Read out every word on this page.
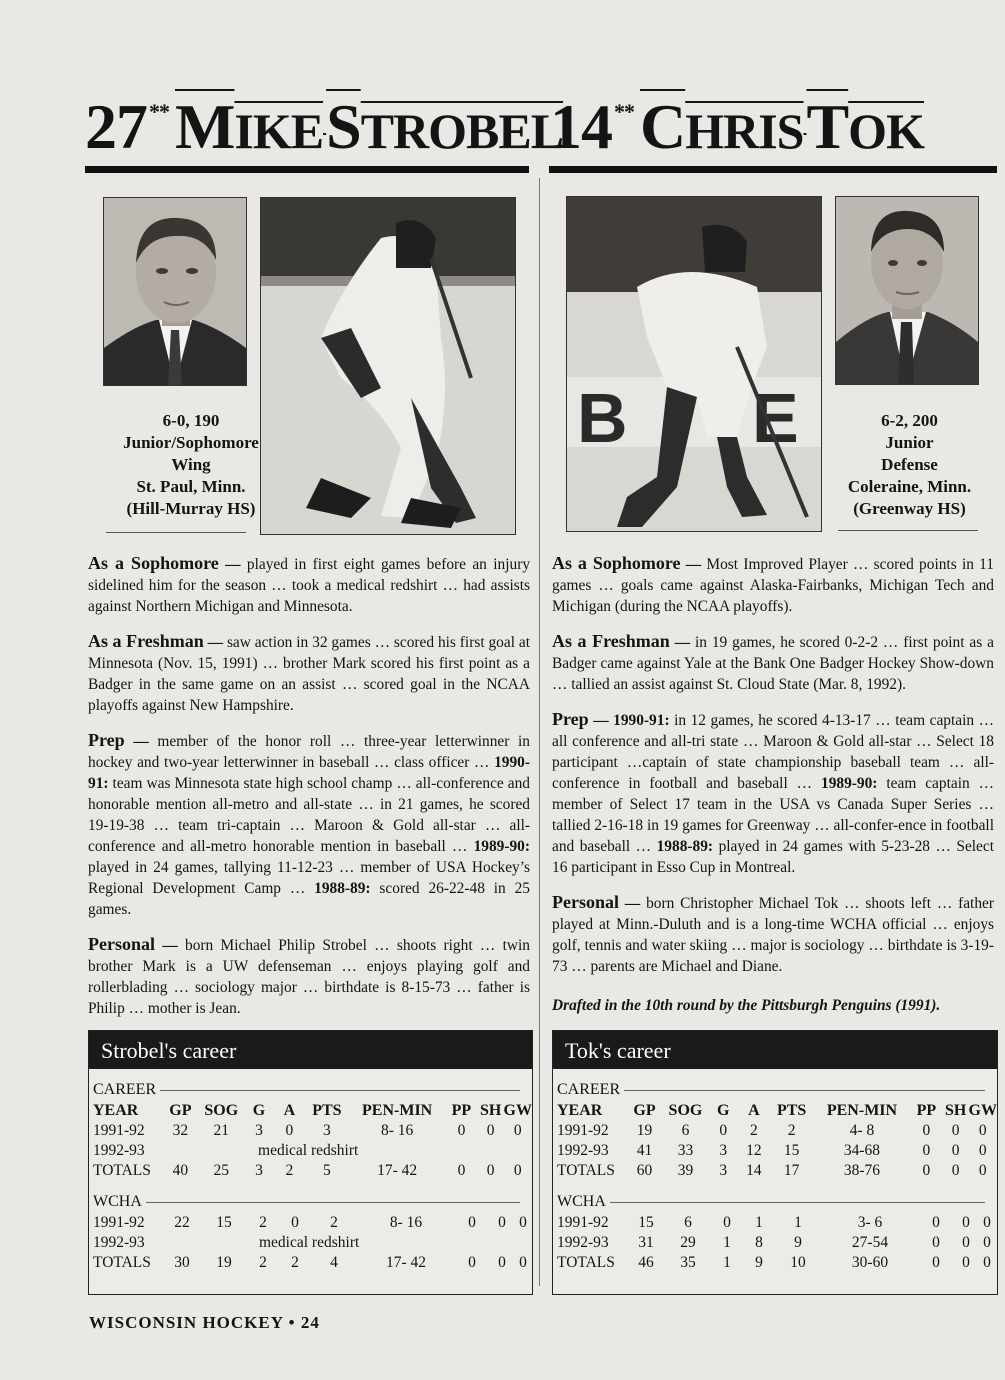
27**MIKE STROBEL
14**CHRIS TOK
6-0, 190
Junior/Sophomore
Wing
St. Paul, Minn.
(Hill-Murray HS)
B E	6-2, 200
Junior
Defense
Coleraine, Minn.
(Greenway HS)

As a Sophomore — played in first eight games before an injury sidelined him for the season … took a medical redshirt … had assists against Northern Michigan and Minnesota.

As a Freshman — saw action in 32 games … scored his first goal at Minnesota (Nov. 15, 1991) … brother Mark scored his first point as a Badger in the same game on an assist … scored goal in the NCAA playoffs against New Hampshire.

Prep — member of the honor roll … three-year letterwinner in hockey and two-year letterwinner in baseball … class officer … 1990-91: team was Minnesota state high school champ … all-conference and honorable mention all-metro and all-state … in 21 games, he scored 19-19-38 … team tri-captain … Maroon & Gold all-star … all-conference and all-metro honorable mention in baseball … 1989-90: played in 24 games, tallying 11-12-23 … member of USA Hockey’s Regional Development Camp … 1988-89: scored 26-22-48 in 25 games.

Personal — born Michael Philip Strobel … shoots right … twin brother Mark is a UW defenseman … enjoys playing golf and rollerblading … sociology major … birthdate is 8-15-73 … father is Philip … mother is Jean.

As a Sophomore — Most Improved Player … scored points in 11 games … goals came against Alaska-Fairbanks, Michigan Tech and Michigan (during the NCAA playoffs).

As a Freshman — in 19 games, he scored 0-2-2 … first point as a Badger came against Yale at the Bank One Badger Hockey Show-down … tallied an assist against St. Cloud State (Mar. 8, 1992).

Prep — 1990-91: in 12 games, he scored 4-13-17 … team captain … all conference and all-tri state … Maroon & Gold all-star … Select 18 participant …captain of state championship baseball team … all-conference in football and baseball … 1989-90: team captain … member of Select 17 team in the USA vs Canada Super Series … tallied 2-16-18 in 19 games for Greenway … all-confer-ence in football and baseball … 1988-89: played in 24 games with 5-23-28 … Select 16 participant in Esso Cup in Montreal.

Personal — born Christopher Michael Tok … shoots left … father played at Minn.-Duluth and is a long-time WCHA official … enjoys golf, tennis and water skiing … major is sociology … birthdate is 3-19-73 … parents are Michael and Diane.

Drafted in the 10th round by the Pittsburgh Penguins (1991).

Strobel's career
CAREER
YEAR	GP	SOG	G	A	PTS	PEN-MIN	PP	SH	GW
1991-92	32	21	3	0	3	8- 16	0	0	0
1992-93	medical redshirt								
TOTALS	40	25	3	2	5	17- 42	0	0	0
WCHA
1991-92	22	15	2	0	2	8- 16	0	0	0
1992-93	medical redshirt								
TOTALS	30	19	2	2	4	17- 42	0	0	0
Tok's career
CAREER
YEAR	GP	SOG	G	A	PTS	PEN-MIN	PP	SH	GW
1991-92	19	6	0	2	2	4- 8	0	0	0
1992-93	41	33	3	12	15	34-68	0	0	0
TOTALS	60	39	3	14	17	38-76	0	0	0
WCHA
1991-92	15	6	0	1	1	3- 6	0	0	0
1992-93	31	29	1	8	9	27-54	0	0	0
TOTALS	46	35	1	9	10	30-60	0	0	0
WISCONSIN HOCKEY • 24
